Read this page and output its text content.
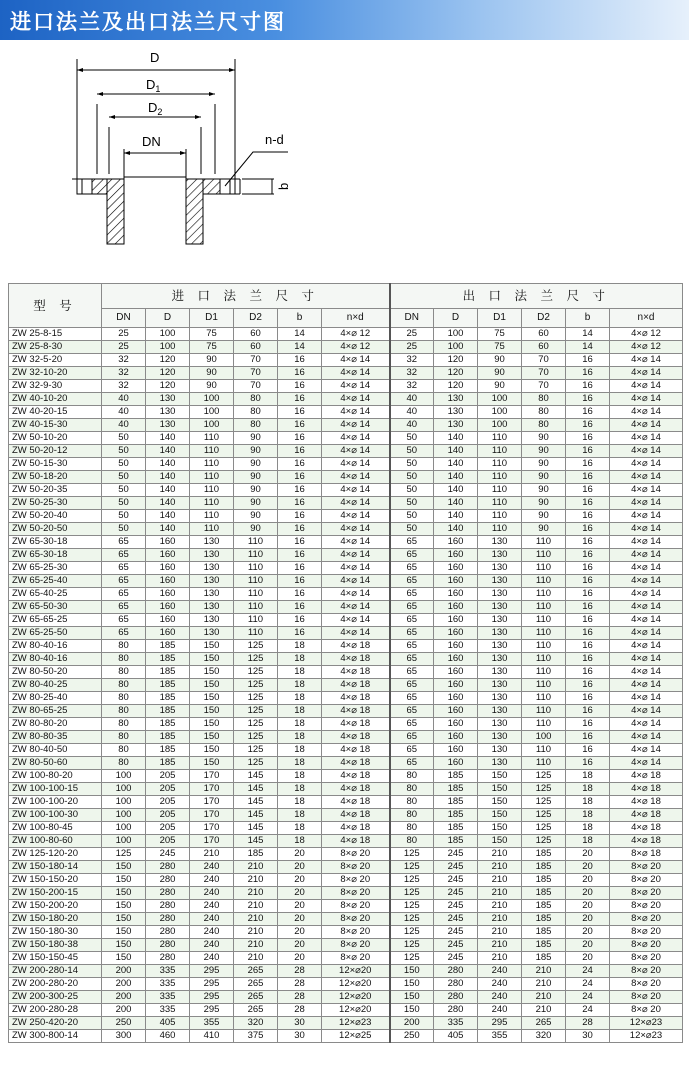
进口法兰及出口法兰尺寸图
D
$D_1$
$D_2$
DN	n-d
b
型 号	进 口 法 兰 尺 寸						出 口 法 兰 尺 寸					
	DN	D	D1	D2	b	n×d	DN	D	D1	D2	b	n×d
ZW 25-8-15	25	100	75	60	14	4×⌀ 12	25	100	75	60	14	4×⌀ 12
ZW 25-8-30	25	100	75	60	14	4×⌀ 12	25	100	75	60	14	4×⌀ 12
ZW 32-5-20	32	120	90	70	16	4×⌀ 14	32	120	90	70	16	4×⌀ 14
ZW 32-10-20	32	120	90	70	16	4×⌀ 14	32	120	90	70	16	4×⌀ 14
ZW 32-9-30	32	120	90	70	16	4×⌀ 14	32	120	90	70	16	4×⌀ 14
ZW 40-10-20	40	130	100	80	16	4×⌀ 14	40	130	100	80	16	4×⌀ 14
ZW 40-20-15	40	130	100	80	16	4×⌀ 14	40	130	100	80	16	4×⌀ 14
ZW 40-15-30	40	130	100	80	16	4×⌀ 14	40	130	100	80	16	4×⌀ 14
ZW 50-10-20	50	140	110	90	16	4×⌀ 14	50	140	110	90	16	4×⌀ 14
ZW 50-20-12	50	140	110	90	16	4×⌀ 14	50	140	110	90	16	4×⌀ 14
ZW 50-15-30	50	140	110	90	16	4×⌀ 14	50	140	110	90	16	4×⌀ 14
ZW 50-18-20	50	140	110	90	16	4×⌀ 14	50	140	110	90	16	4×⌀ 14
ZW 50-20-35	50	140	110	90	16	4×⌀ 14	50	140	110	90	16	4×⌀ 14
ZW 50-25-30	50	140	110	90	16	4×⌀ 14	50	140	110	90	16	4×⌀ 14
ZW 50-20-40	50	140	110	90	16	4×⌀ 14	50	140	110	90	16	4×⌀ 14
ZW 50-20-50	50	140	110	90	16	4×⌀ 14	50	140	110	90	16	4×⌀ 14
ZW 65-30-18	65	160	130	110	16	4×⌀ 14	65	160	130	110	16	4×⌀ 14
ZW 65-30-18	65	160	130	110	16	4×⌀ 14	65	160	130	110	16	4×⌀ 14
ZW 65-25-30	65	160	130	110	16	4×⌀ 14	65	160	130	110	16	4×⌀ 14
ZW 65-25-40	65	160	130	110	16	4×⌀ 14	65	160	130	110	16	4×⌀ 14
ZW 65-40-25	65	160	130	110	16	4×⌀ 14	65	160	130	110	16	4×⌀ 14
ZW 65-50-30	65	160	130	110	16	4×⌀ 14	65	160	130	110	16	4×⌀ 14
ZW 65-65-25	65	160	130	110	16	4×⌀ 14	65	160	130	110	16	4×⌀ 14
ZW 65-25-50	65	160	130	110	16	4×⌀ 14	65	160	130	110	16	4×⌀ 14
ZW 80-40-16	80	185	150	125	18	4×⌀ 18	65	160	130	110	16	4×⌀ 14
ZW 80-40-16	80	185	150	125	18	4×⌀ 18	65	160	130	110	16	4×⌀ 14
ZW 80-50-20	80	185	150	125	18	4×⌀ 18	65	160	130	110	16	4×⌀ 14
ZW 80-40-25	80	185	150	125	18	4×⌀ 18	65	160	130	110	16	4×⌀ 14
ZW 80-25-40	80	185	150	125	18	4×⌀ 18	65	160	130	110	16	4×⌀ 14
ZW 80-65-25	80	185	150	125	18	4×⌀ 18	65	160	130	110	16	4×⌀ 14
ZW 80-80-20	80	185	150	125	18	4×⌀ 18	65	160	130	110	16	4×⌀ 14
ZW 80-80-35	80	185	150	125	18	4×⌀ 18	65	160	130	100	16	4×⌀ 14
ZW 80-40-50	80	185	150	125	18	4×⌀ 18	65	160	130	110	16	4×⌀ 14
ZW 80-50-60	80	185	150	125	18	4×⌀ 18	65	160	130	110	16	4×⌀ 14
ZW 100-80-20	100	205	170	145	18	4×⌀ 18	80	185	150	125	18	4×⌀ 18
ZW 100-100-15	100	205	170	145	18	4×⌀ 18	80	185	150	125	18	4×⌀ 18
ZW 100-100-20	100	205	170	145	18	4×⌀ 18	80	185	150	125	18	4×⌀ 18
ZW 100-100-30	100	205	170	145	18	4×⌀ 18	80	185	150	125	18	4×⌀ 18
ZW 100-80-45	100	205	170	145	18	4×⌀ 18	80	185	150	125	18	4×⌀ 18
ZW 100-80-60	100	205	170	145	18	4×⌀ 18	80	185	150	125	18	4×⌀ 18
ZW 125-120-20	125	245	210	185	20	8×⌀ 20	125	245	210	185	20	8×⌀ 18
ZW 150-180-14	150	280	240	210	20	8×⌀ 20	125	245	210	185	20	8×⌀ 20
ZW 150-150-20	150	280	240	210	20	8×⌀ 20	125	245	210	185	20	8×⌀ 20
ZW 150-200-15	150	280	240	210	20	8×⌀ 20	125	245	210	185	20	8×⌀ 20
ZW 150-200-20	150	280	240	210	20	8×⌀ 20	125	245	210	185	20	8×⌀ 20
ZW 150-180-20	150	280	240	210	20	8×⌀ 20	125	245	210	185	20	8×⌀ 20
ZW 150-180-30	150	280	240	210	20	8×⌀ 20	125	245	210	185	20	8×⌀ 20
ZW 150-180-38	150	280	240	210	20	8×⌀ 20	125	245	210	185	20	8×⌀ 20
ZW 150-150-45	150	280	240	210	20	8×⌀ 20	125	245	210	185	20	8×⌀ 20
ZW 200-280-14	200	335	295	265	28	12×⌀20	150	280	240	210	24	8×⌀ 20
ZW 200-280-20	200	335	295	265	28	12×⌀20	150	280	240	210	24	8×⌀ 20
ZW 200-300-25	200	335	295	265	28	12×⌀20	150	280	240	210	24	8×⌀ 20
ZW 200-280-28	200	335	295	265	28	12×⌀20	150	280	240	210	24	8×⌀ 20
ZW 250-420-20	250	405	355	320	30	12×⌀23	200	335	295	265	28	12×⌀23
ZW 300-800-14	300	460	410	375	30	12×⌀25	250	405	355	320	30	12×⌀23
